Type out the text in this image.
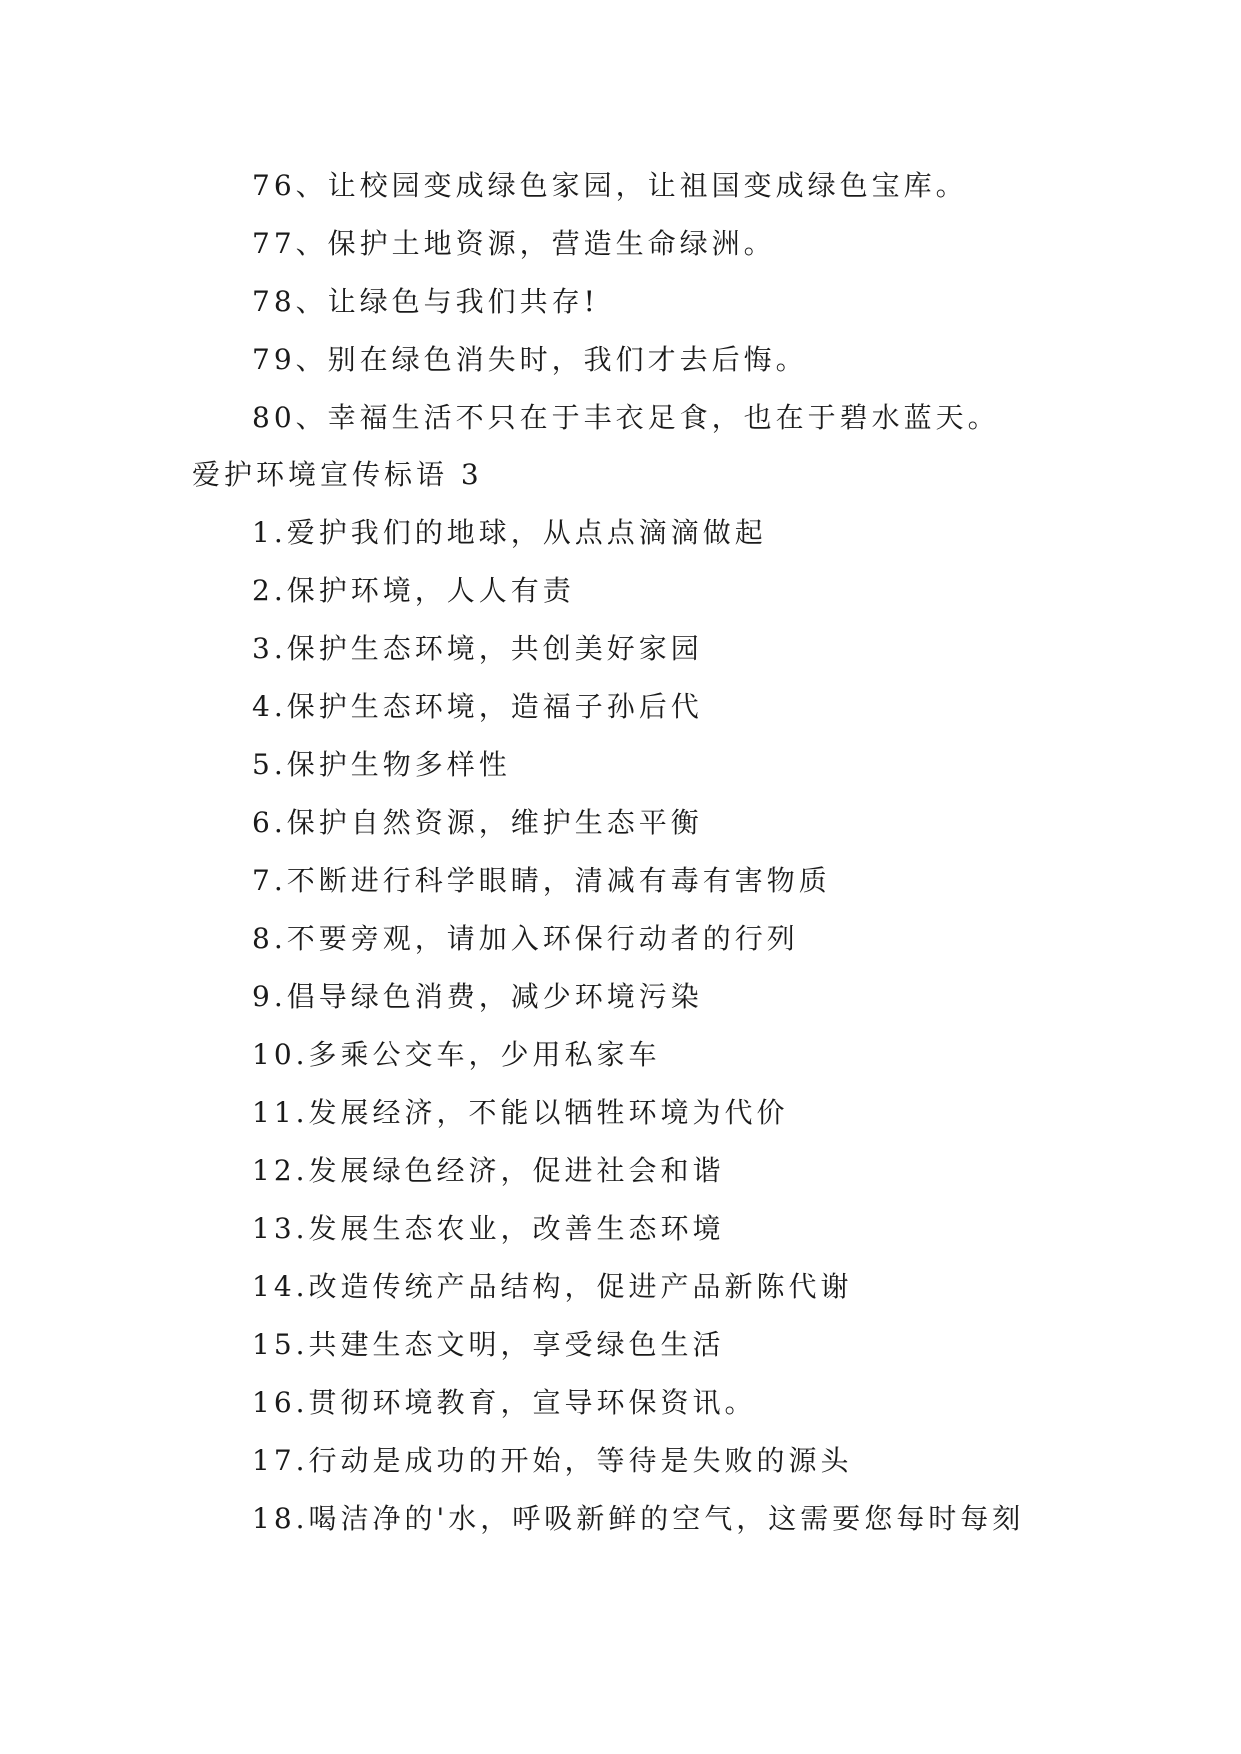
76、让校园变成绿色家园，让祖国变成绿色宝库。
77、保护土地资源，营造生命绿洲。
78、让绿色与我们共存!
79、别在绿色消失时，我们才去后悔。
80、幸福生活不只在于丰衣足食，也在于碧水蓝天。
爱护环境宣传标语 3
1.爱护我们的地球，从点点滴滴做起
2.保护环境，人人有责
3.保护生态环境，共创美好家园
4.保护生态环境，造福子孙后代
5.保护生物多样性
6.保护自然资源，维护生态平衡
7.不断进行科学眼睛，清减有毒有害物质
8.不要旁观，请加入环保行动者的行列
9.倡导绿色消费，减少环境污染
10.多乘公交车，少用私家车
11.发展经济，不能以牺牲环境为代价
12.发展绿色经济，促进社会和谐
13.发展生态农业，改善生态环境
14.改造传统产品结构，促进产品新陈代谢
15.共建生态文明，享受绿色生活
16.贯彻环境教育，宣导环保资讯。
17.行动是成功的开始，等待是失败的源头
18.喝洁净的'水，呼吸新鲜的空气，这需要您每时每刻
